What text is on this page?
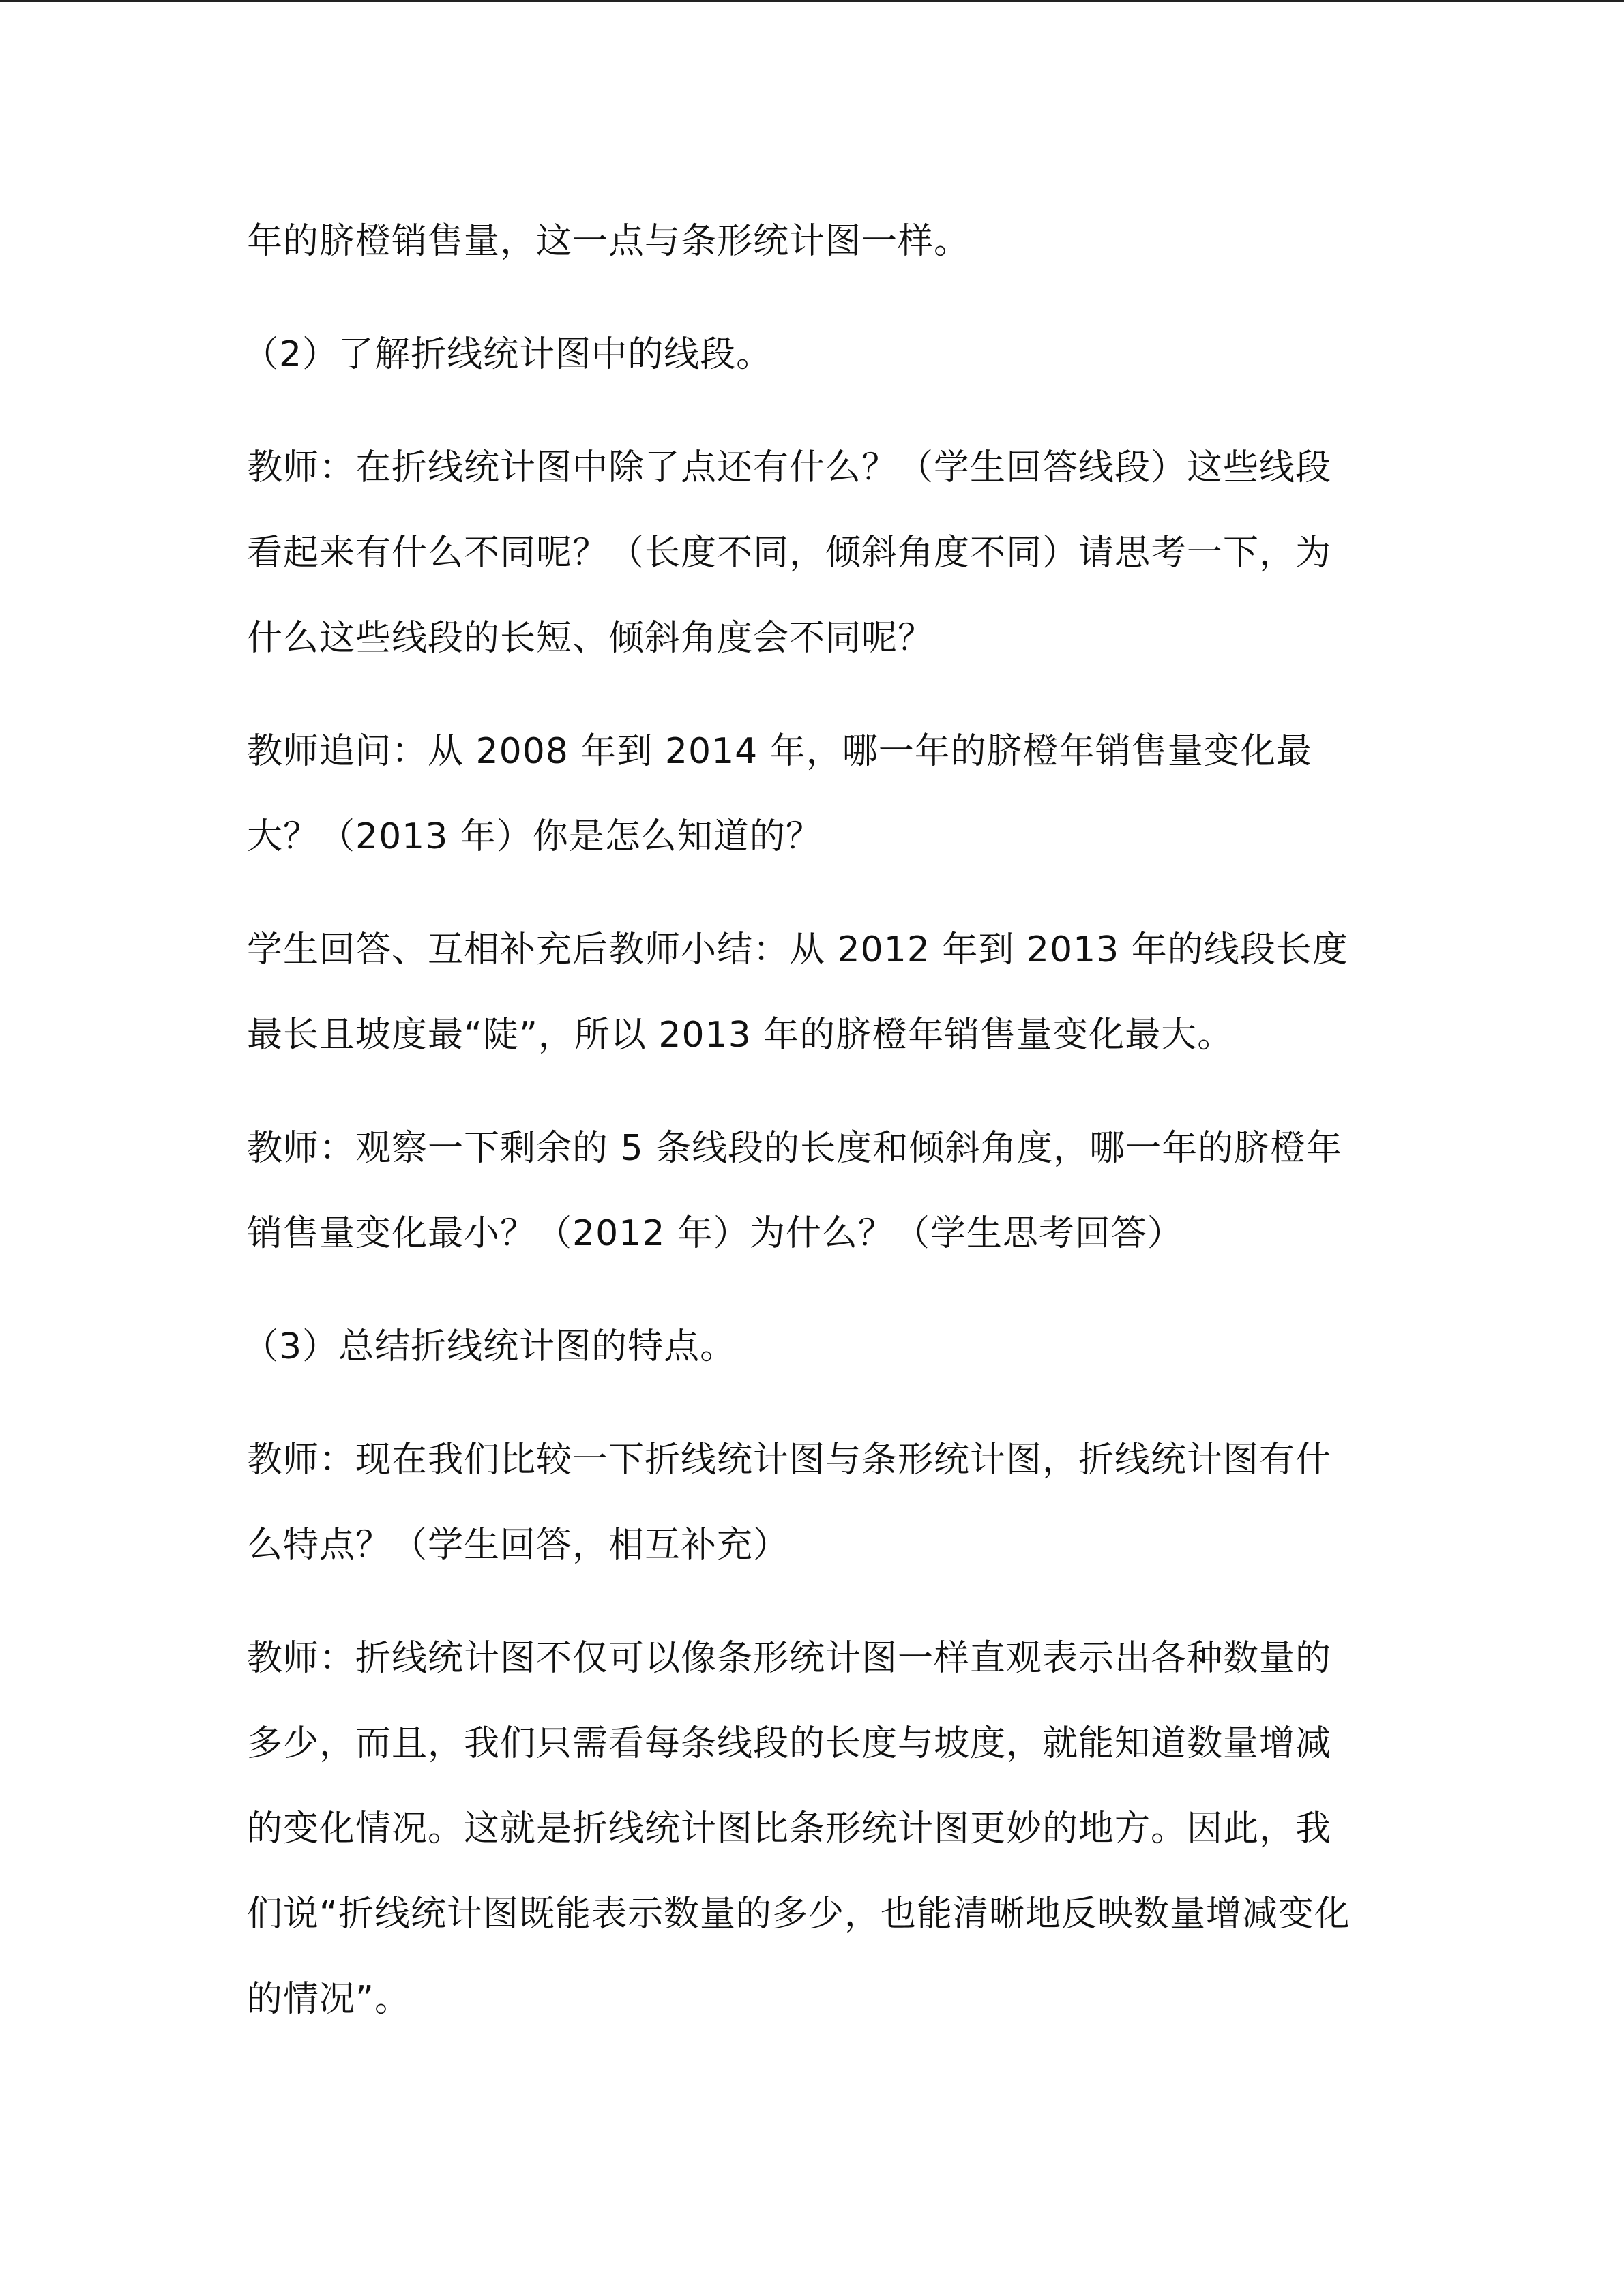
年的脐橙销售量，这一点与条形统计图一样。

（2）了解折线统计图中的线段。

教师：在折线统计图中除了点还有什么？（学生回答线段）这些线段看起来有什么不同呢？（长度不同，倾斜角度不同）请思考一下，为什么这些线段的长短、倾斜角度会不同呢？

教师追问：从 2008 年到 2014 年，哪一年的脐橙年销售量变化最大？（2013 年）你是怎么知道的？

学生回答、互相补充后教师小结：从 2012 年到 2013 年的线段长度最长且坡度最“陡”，所以 2013 年的脐橙年销售量变化最大。

教师：观察一下剩余的 5 条线段的长度和倾斜角度，哪一年的脐橙年销售量变化最小？（2012 年）为什么？（学生思考回答）

（3）总结折线统计图的特点。

教师：现在我们比较一下折线统计图与条形统计图，折线统计图有什么特点？（学生回答，相互补充）

教师：折线统计图不仅可以像条形统计图一样直观表示出各种数量的多少，而且，我们只需看每条线段的长度与坡度，就能知道数量增减的变化情况。这就是折线统计图比条形统计图更妙的地方。因此，我们说“折线统计图既能表示数量的多少，也能清晰地反映数量增减变化的情况”。
